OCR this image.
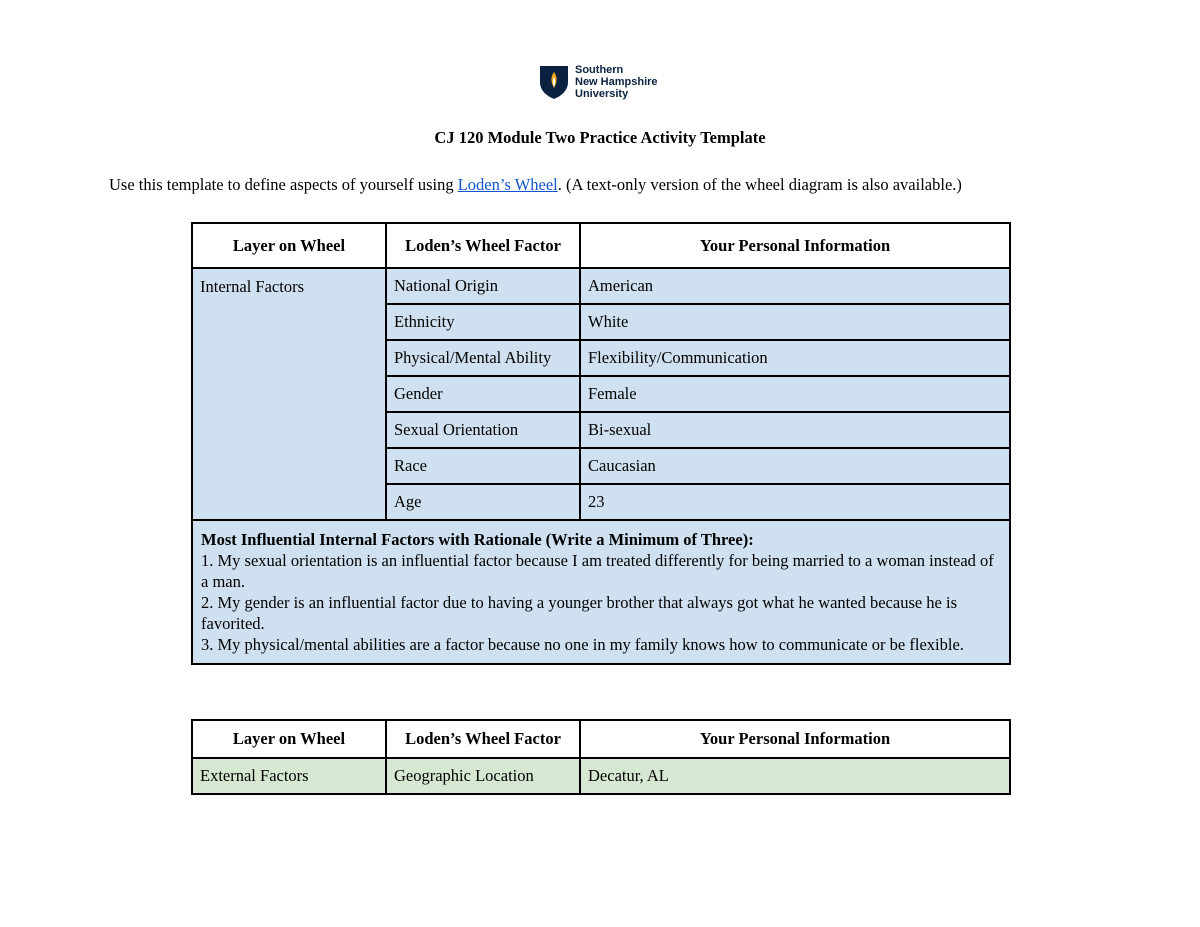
Southern
New Hampshire
University
CJ 120 Module Two Practice Activity Template
Use this template to define aspects of yourself using Loden’s Wheel. (A text-only version of the wheel diagram is also available.)
Layer on Wheel	Loden’s Wheel Factor	Your Personal Information
Internal Factors	National Origin	American
	Ethnicity	White
	Physical/Mental Ability	Flexibility/Communication
	Gender	Female
	Sexual Orientation	Bi-sexual
	Race	Caucasian
	Age	23

Most Influential Internal Factors with Rationale (Write a Minimum of Three):

1. My sexual orientation is an influential factor because I am treated differently for being married to a woman instead of a man.

2. My gender is an influential factor due to having a younger brother that always got what he wanted because he is favorited.

3. My physical/mental abilities are a factor because no one in my family knows how to communicate or be flexible.		

Layer on Wheel	Loden’s Wheel Factor	Your Personal Information
External Factors	Geographic Location	Decatur, AL
